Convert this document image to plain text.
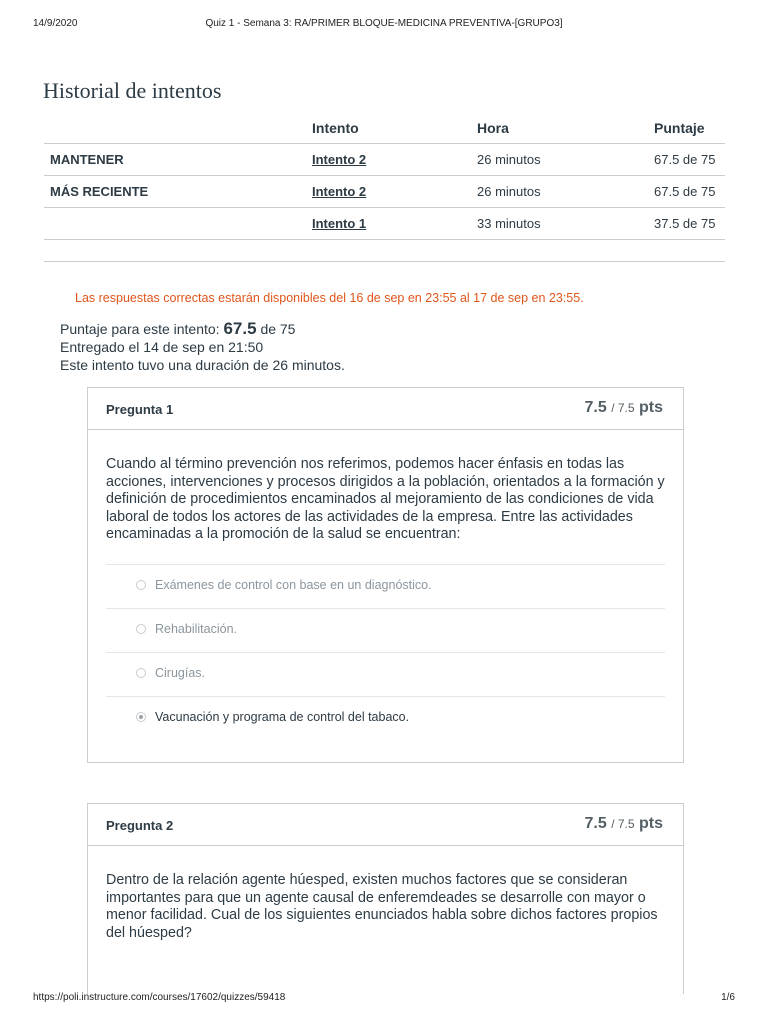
14/9/2020	Quiz 1 - Semana 3: RA/PRIMER BLOQUE-MEDICINA PREVENTIVA-[GRUPO3]
Historial de intentos
	Intento	Hora	Puntaje
MANTENER	Intento 2	26 minutos	67.5 de 75
MÁS RECIENTE	Intento 2	26 minutos	67.5 de 75
	Intento 1	33 minutos	37.5 de 75
Las respuestas correctas estarán disponibles del 16 de sep en 23:55 al 17 de sep en 23:55.
Puntaje para este intento: 67.5 de 75
Entregado el 14 de sep en 21:50
Este intento tuvo una duración de 26 minutos.
Pregunta 1	7.5 / 7.5 pts
Cuando al término prevención nos referimos, podemos hacer énfasis en todas las acciones, intervenciones y procesos dirigidos a la población, orientados a la formación y definición de procedimientos encaminados al mejoramiento de las condiciones de vida laboral de todos los actores de las actividades de la empresa. Entre las actividades encaminadas a la promoción de la salud se encuentran:
Exámenes de control con base en un diagnóstico.
Rehabilitación.
Cirugías.
Vacunación y programa de control del tabaco.
Pregunta 2	7.5 / 7.5 pts
Dentro de la relación agente húesped, existen muchos factores que se consideran importantes para que un agente causal de enferemdeades se desarrolle con mayor o menor facilidad. Cual de los siguientes enunciados habla sobre dichos factores propios del húesped?
https://poli.instructure.com/courses/17602/quizzes/59418	1/6
